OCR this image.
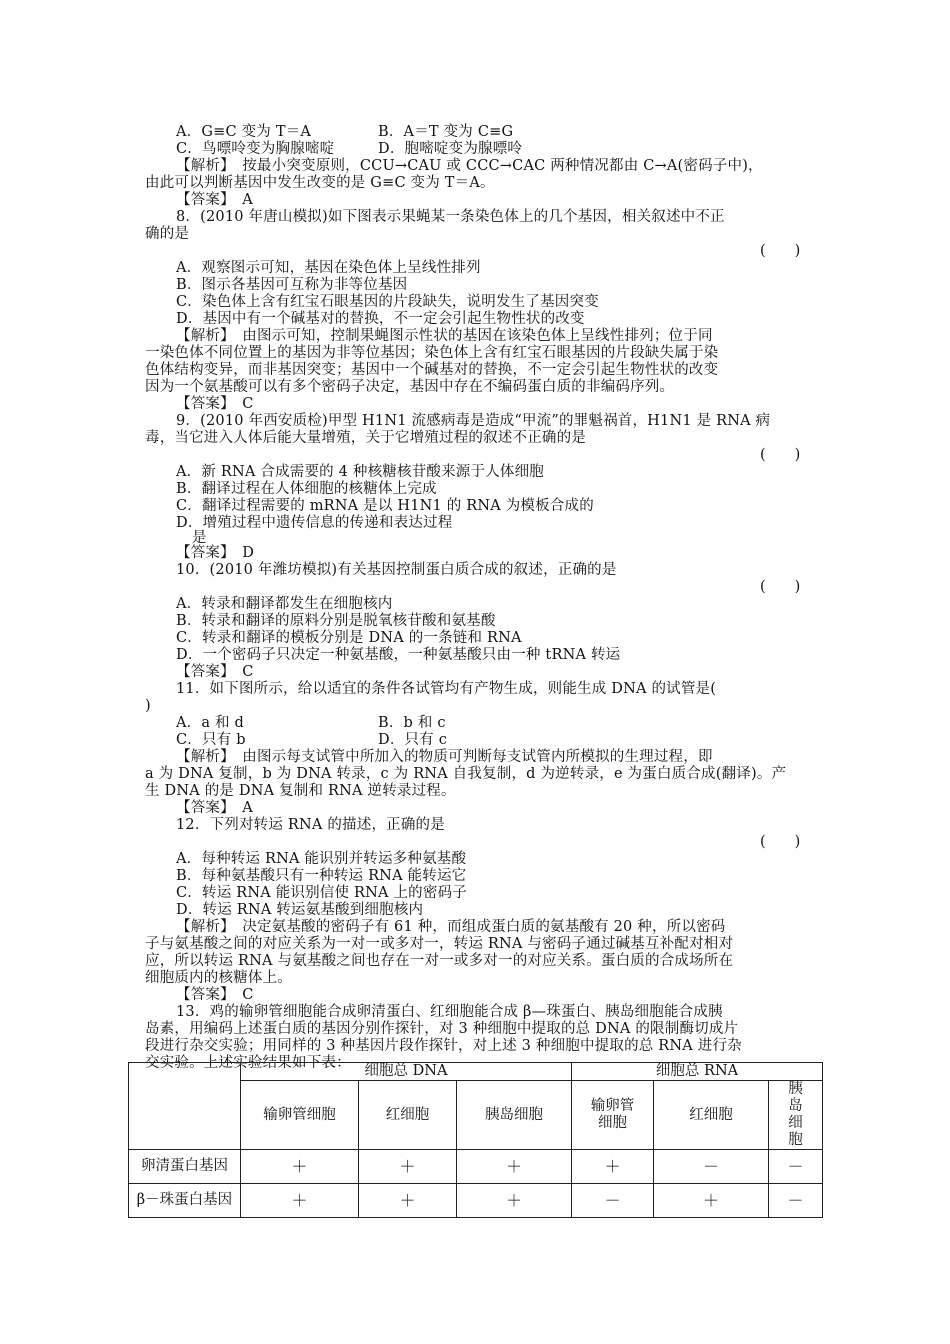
A．G≡C 变为 T＝A	B．A＝T 变为 C≡G
C．鸟嘌呤变为胸腺嘧啶	D．胞嘧啶变为腺嘌呤
【解析】　按最小突变原则，CCU→CAU 或 CCC→CAC 两种情况都由 C→A(密码子中)，
由此可以判断基因中发生改变的是 G≡C 变为 T＝A。
【答案】　A
8．(2010 年唐山模拟)如下图表示果蝇某一条染色体上的几个基因，相关叙述中不正
确的是
(　　)
A．观察图示可知，基因在染色体上呈线性排列
B．图示各基因可互称为非等位基因
C．染色体上含有红宝石眼基因的片段缺失，说明发生了基因突变
D．基因中有一个碱基对的替换，不一定会引起生物性状的改变
【解析】　由图示可知，控制果蝇图示性状的基因在该染色体上呈线性排列；位于同
一染色体不同位置上的基因为非等位基因；染色体上含有红宝石眼基因的片段缺失属于染
色体结构变异，而非基因突变；基因中一个碱基对的替换，不一定会引起生物性状的改变
因为一个氨基酸可以有多个密码子决定，基因中存在不编码蛋白质的非编码序列。
【答案】　C
9．(2010 年西安质检)甲型 H1N1 流感病毒是造成“甲流”的罪魁祸首，H1N1 是 RNA 病
毒，当它进入人体后能大量增殖，关于它增殖过程的叙述不正确的是
(　　)
A．新 RNA 合成需要的 4 种核糖核苷酸来源于人体细胞
B．翻译过程在人体细胞的核糖体上完成
C．翻译过程需要的 mRNA 是以 H1N1 的 RNA 为模板合成的
D．增殖过程中遗传信息的传递和表达过程
是
【答案】　D
10．(2010 年潍坊模拟)有关基因控制蛋白质合成的叙述，正确的是
(　　)
A．转录和翻译都发生在细胞核内
B．转录和翻译的原料分别是脱氧核苷酸和氨基酸
C．转录和翻译的模板分别是 DNA 的一条链和 RNA
D．一个密码子只决定一种氨基酸，一种氨基酸只由一种 tRNA 转运
【答案】　C
11．如下图所示，给以适宜的条件各试管均有产物生成，则能生成 DNA 的试管是(
)
A．a 和 d	B．b 和 c
C．只有 b	D．只有 c
【解析】　由图示每支试管中所加入的物质可判断每支试管内所模拟的生理过程，即
a 为 DNA 复制，b 为 DNA 转录，c 为 RNA 自我复制，d 为逆转录，e 为蛋白质合成(翻译)。产
生 DNA 的是 DNA 复制和 RNA 逆转录过程。
【答案】　A
12．下列对转运 RNA 的描述，正确的是
(　　)
A．每种转运 RNA 能识别并转运多种氨基酸
B．每种氨基酸只有一种转运 RNA 能转运它
C．转运 RNA 能识别信使 RNA 上的密码子
D．转运 RNA 转运氨基酸到细胞核内
【解析】　决定氨基酸的密码子有 61 种，而组成蛋白质的氨基酸有 20 种，所以密码
子与氨基酸之间的对应关系为一对一或多对一，转运 RNA 与密码子通过碱基互补配对相对
应，所以转运 RNA 与氨基酸之间也存在一对一或多对一的对应关系。蛋白质的合成场所在
细胞质内的核糖体上。
【答案】　C
13．鸡的输卵管细胞能合成卵清蛋白、红细胞能合成 β—珠蛋白、胰岛细胞能合成胰
岛素，用编码上述蛋白质的基因分别作探针，对 3 种细胞中提取的总 DNA 的限制酶切成片
段进行杂交实验；用同样的 3 种基因片段作探针，对上述 3 种细胞中提取的总 RNA 进行杂
交实验。上述实验结果如下表：
	细胞总 DNA			细胞总 RNA		
	输卵管细胞	红细胞	胰岛细胞	输卵管细胞	红细胞	胰岛细胞
卵清蛋白基因	＋	＋	＋	＋	－	－
β－珠蛋白基因	＋	＋	＋	－	＋	－
